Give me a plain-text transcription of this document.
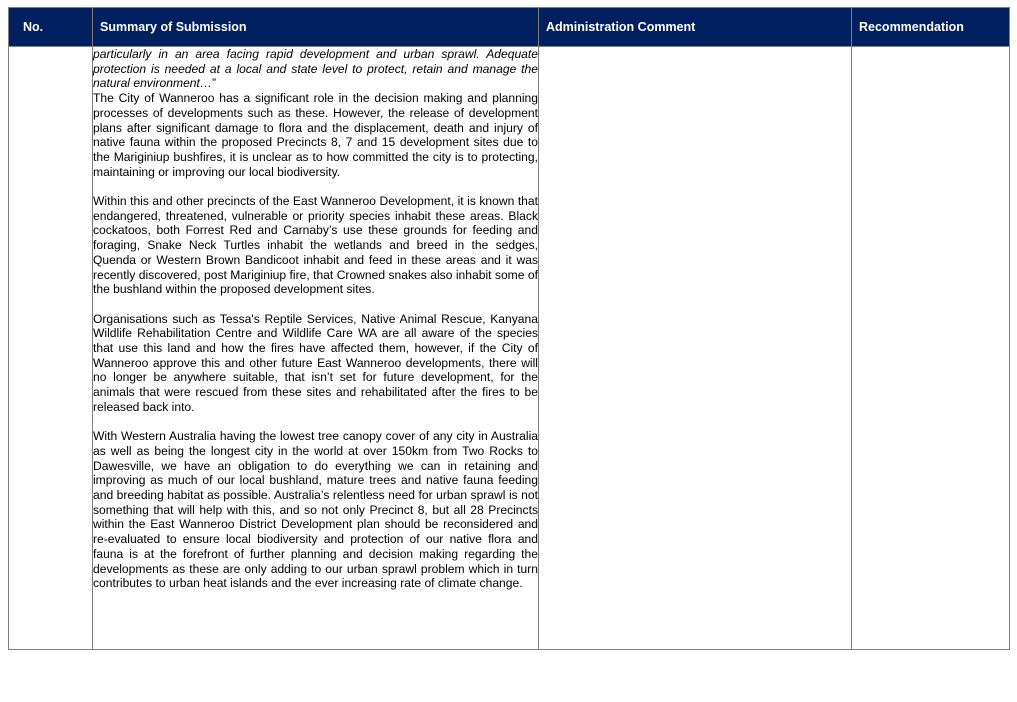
No.	Summary of Submission	Administration Comment	Recommendation

	particularly in an area facing rapid development and urban sprawl. Adequate protection is needed at a local and state level to protect, retain and manage the natural environment…”

The City of Wanneroo has a significant role in the decision making and planning processes of developments such as these. However, the release of development plans after significant damage to flora and the displacement, death and injury of native fauna within the proposed Precincts 8, 7 and 15 development sites due to the Mariginiup bushfires, it is unclear as to how committed the city is to protecting, maintaining or improving our local biodiversity.

Within this and other precincts of the East Wanneroo Development, it is known that endangered, threatened, vulnerable or priority species inhabit these areas. Black cockatoos, both Forrest Red and Carnaby’s use these grounds for feeding and foraging, Snake Neck Turtles inhabit the wetlands and breed in the sedges, Quenda or Western Brown Bandicoot inhabit and feed in these areas and it was recently discovered, post Mariginiup fire, that Crowned snakes also inhabit some of the bushland within the proposed development sites.

Organisations such as Tessa's Reptile Services, Native Animal Rescue, Kanyana Wildlife Rehabilitation Centre and Wildlife Care WA are all aware of the species that use this land and how the fires have affected them, however, if the City of Wanneroo approve this and other future East Wanneroo developments, there will no longer be anywhere suitable, that isn’t set for future development, for the animals that were rescued from these sites and rehabilitated after the fires to be released back into.

With Western Australia having the lowest tree canopy cover of any city in Australia as well as being the longest city in the world at over 150km from Two Rocks to Dawesville, we have an obligation to do everything we can in retaining and improving as much of our local bushland, mature trees and native fauna feeding and breeding habitat as possible. Australia’s relentless need for urban sprawl is not something that will help with this, and so not only Precinct 8, but all 28 Precincts within the East Wanneroo District Development plan should be reconsidered and re-evaluated to ensure local biodiversity and protection of our native flora and fauna is at the forefront of further planning and decision making regarding the developments as these are only adding to our urban sprawl problem which in turn contributes to urban heat islands and the ever increasing rate of climate change.		
